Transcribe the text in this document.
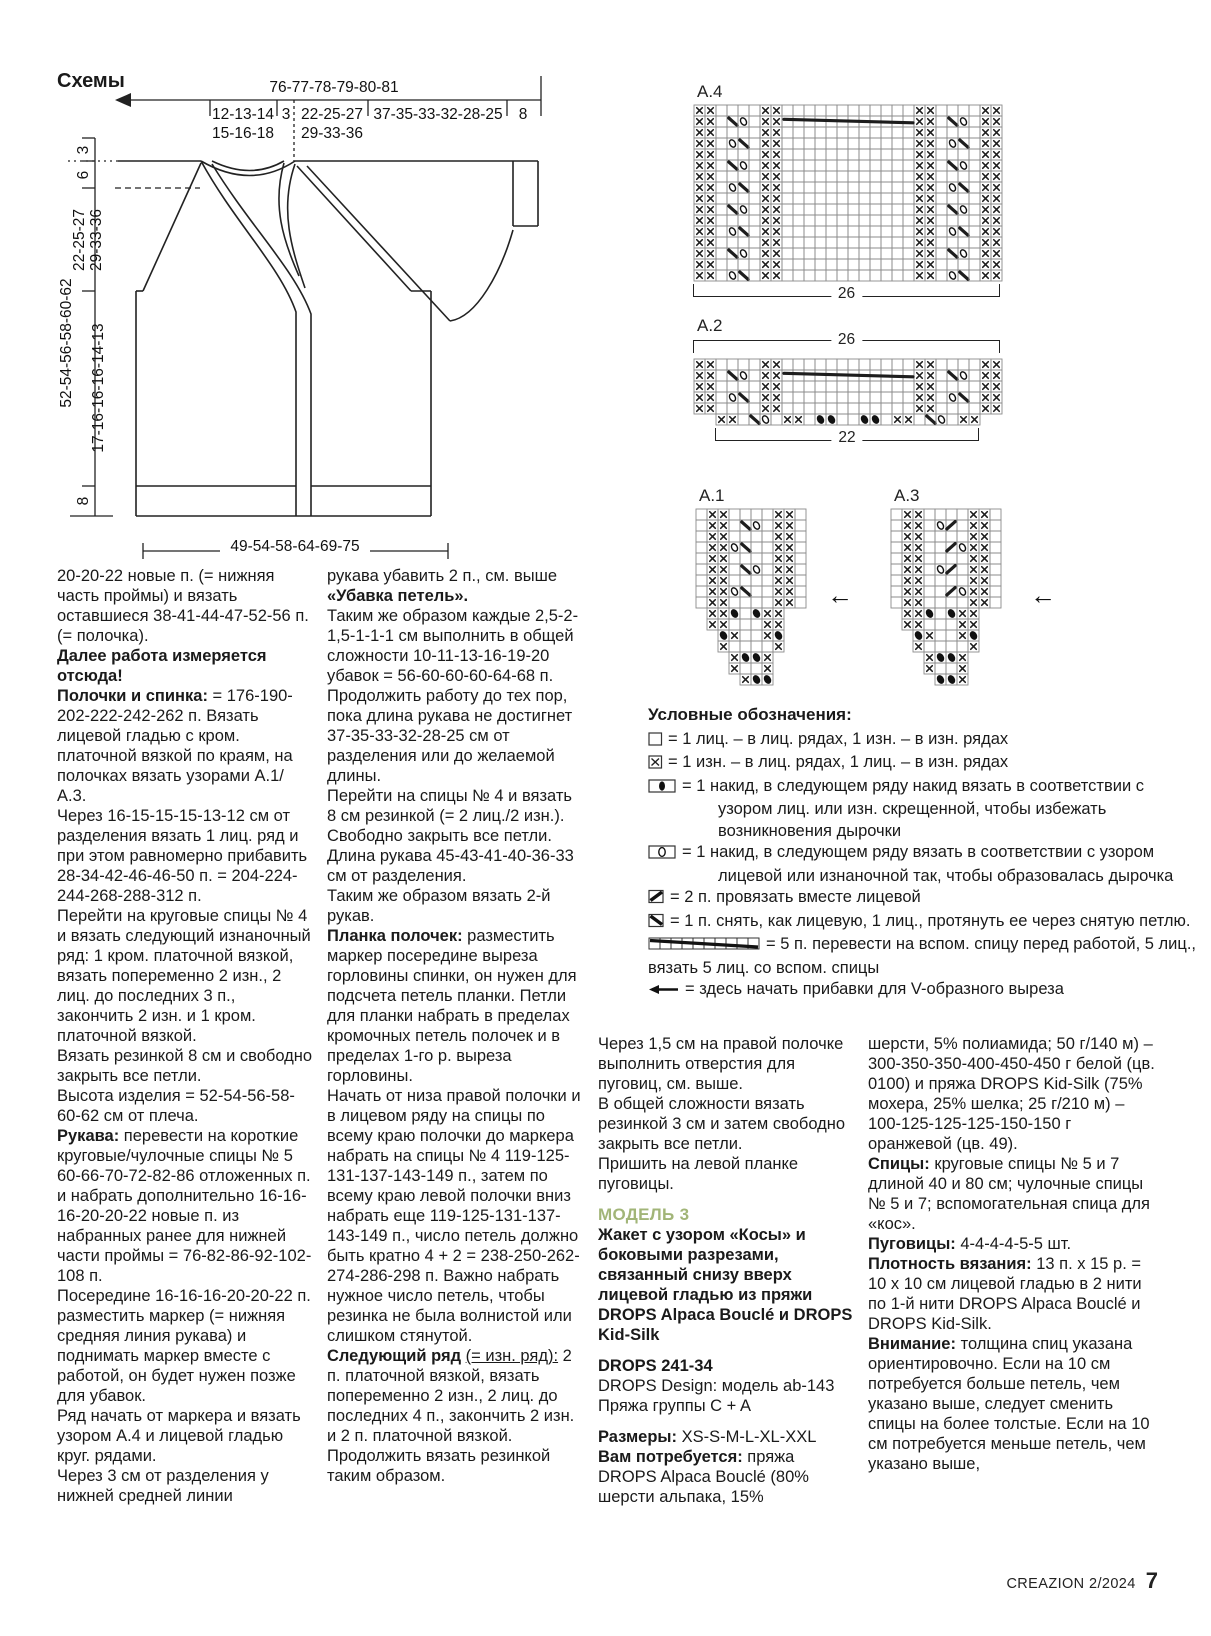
Схемы	76-77-78-79-80-81
12-13-14 3 22-25-27 37-35-33-32-28-25 8
15-16-18 29-33-36
3
6
22-25-27 29-33-36
52-54-56-58-60-62 17-16-16-16-14-13
8
49-54-58-64-69-75
A.4
26
A.2
26
22
A.1
←
A.3
←
Условные обозначения:
= 1 лиц. – в лиц. рядах, 1 изн. – в изн. рядах
= 1 изн. – в лиц. рядах, 1 лиц. – в изн. рядах
= 1 накид, в следующем ряду накид вязать в соответствии с узором лиц. или изн. скрещенной, чтобы избежать возникновения дырочки
= 1 накид, в следующем ряду вязать в соответствии с узором лицевой или изнаночной так, чтобы образовалась дырочка
= 2 п. провязать вместе лицевой
= 1 п. снять, как лицевую, 1 лиц., протянуть ее через снятую петлю.
= 5 п. перевести на вспом. спицу перед работой, 5 лиц., вязать 5 лиц. со вспом. спицы
= здесь начать прибавки для V-образного выреза

20-20-22 новые п. (= нижняя часть проймы) и вязать оставшиеся 38-41-44-47-52-56 п. (= полочка).

Далее работа измеряется отсюда!

Полочки и спинка: = 176-190-202-222-242-262 п. Вязать лицевой гладью с кром. платочной вязкой по краям, на полочках вязать узорами А.1/А.3.

Через 16-15-15-15-13-12 см от разделения вязать 1 лиц. ряд и при этом равномерно прибавить 28-34-42-46-46-50 п. = 204-224-244-268-288-312 п.

Перейти на круговые спицы № 4 и вязать следующий изнаночный ряд: 1 кром. платочной вязкой, вязать попеременно 2 изн., 2 лиц. до последних 3 п., закончить 2 изн. и 1 кром. платочной вязкой.

Вязать резинкой 8 см и свободно закрыть все петли.

Высота изделия = 52-54-56-58-60-62 см от плеча.

Рукава: перевести на короткие круговые/чулочные спицы № 5 60-66-70-72-82-86 отложенных п. и набрать дополнительно 16-16-16-20-20-22 новые п. из набранных ранее для нижней части проймы = 76-82-86-92-102-108 п.

Посередине 16-16-16-20-20-22 п. разместить маркер (= нижняя средняя линия рукава) и поднимать маркер вместе с работой, он будет нужен позже для убавок.

Ряд начать от маркера и вязать узором А.4 и лицевой гладью круг. рядами.

Через 3 см от разделения у нижней средней линии

рукава убавить 2 п., см. выше «Убавка петель».

Таким же образом каждые 2,5-2-1,5-1-1-1 см выполнить в общей сложности 10-11-13-16-19-20 убавок = 56-60-60-60-64-68 п.

Продолжить работу до тех пор, пока длина рукава не достигнет 37-35-33-32-28-25 см от разделения или до желаемой длины.

Перейти на спицы № 4 и вязать 8 см резинкой (= 2 лиц./2 изн.).

Свободно закрыть все петли.

Длина рукава 45-43-41-40-36-33 см от разделения.

Таким же образом вязать 2-й рукав.

Планка полочек: разместить маркер посередине выреза горловины спинки, он нужен для подсчета петель планки. Петли для планки набрать в пределах кромочных петель полочек и в пределах 1-го р. выреза горловины.

Начать от низа правой полочки и в лицевом ряду на спицы по всему краю полочки до маркера набрать на спицы № 4 119-125-131-137-143-149 п., затем по всему краю левой полочки вниз набрать еще 119-125-131-137-143-149 п., число петель должно быть кратно 4 + 2 = 238-250-262-274-286-298 п. Важно набрать нужное число петель, чтобы резинка не была волнистой или слишком стянутой.

Следующий ряд (= изн. ряд): 2 п. платочной вязкой, вязать попеременно 2 изн., 2 лиц. до последних 4 п., закончить 2 изн. и 2 п. платочной вязкой. Продолжить вязать резинкой таким образом.

Через 1,5 см на правой полочке выполнить отверстия для пуговиц, см. выше.

В общей сложности вязать резинкой 3 см и затем свободно закрыть все петли.

Пришить на левой планке пуговицы.

МОДЕЛЬ 3

Жакет с узором «Косы» и боковыми разрезами, связанный снизу вверх лицевой гладью из пряжи DROPS Alpaca Bouclé и DROPS Kid-Silk

DROPS 241-34

DROPS Design: модель ab-143

Пряжа группы C + A

Размеры: XS-S-M-L-XL-XXL

Вам потребуется: пряжа DROPS Alpaca Bouclé (80% шерсти альпака, 15%

шерсти, 5% полиамида; 50 г/140 м) – 300-350-350-400-450-450 г белой (цв. 0100) и пряжа DROPS Kid-Silk (75% мохера, 25% шелка; 25 г/210 м) – 100-125-125-125-150-150 г оранжевой (цв. 49).

Спицы: круговые спицы № 5 и 7 длиной 40 и 80 см; чулочные спицы № 5 и 7; вспомогательная спица для «кос».

Пуговицы: 4-4-4-4-5-5 шт.

Плотность вязания: 13 п. х 15 р. = 10 х 10 см лицевой гладью в 2 нити по 1-й нити DROPS Alpaca Bouclé и DROPS Kid-Silk.

Внимание: толщина спиц указана ориентировочно. Если на 10 см потребуется больше петель, чем указано выше, следует сменить спицы на более толстые. Если на 10 см потребуется меньше петель, чем указано выше,

CREAZION 2/2024 7
